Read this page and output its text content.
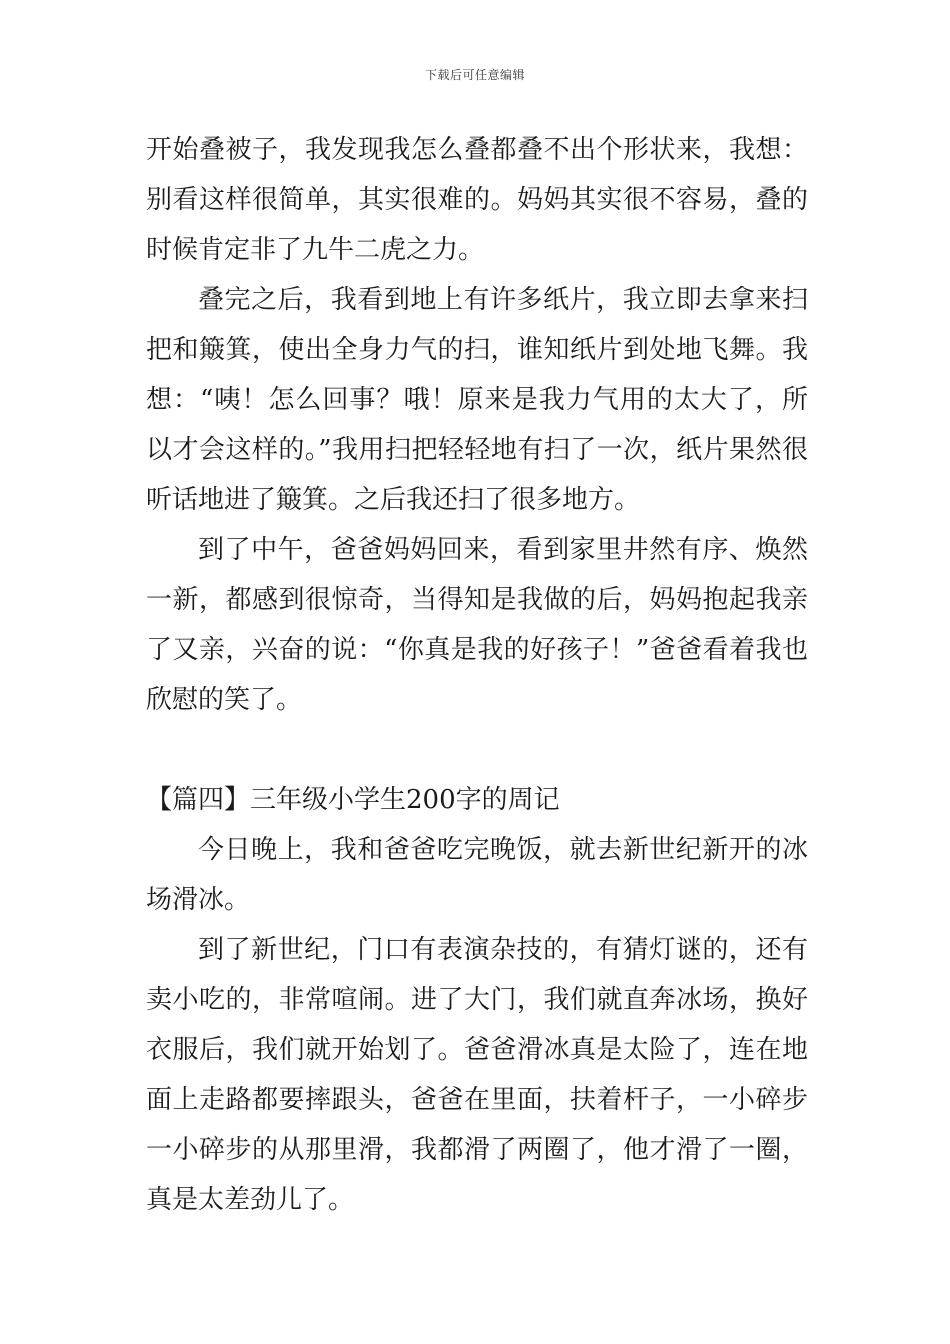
下载后可任意编辑

开始叠被子，我发现我怎么叠都叠不出个形状来，我想：别看这样很简单，其实很难的。妈妈其实很不容易，叠的时候肯定非了九牛二虎之力。

叠完之后，我看到地上有许多纸片，我立即去拿来扫把和簸箕，使出全身力气的扫，谁知纸片到处地飞舞。我想：“咦！怎么回事？哦！原来是我力气用的太大了，所以才会这样的。”我用扫把轻轻地有扫了一次，纸片果然很听话地进了簸箕。之后我还扫了很多地方。

到了中午，爸爸妈妈回来，看到家里井然有序、焕然一新，都感到很惊奇，当得知是我做的后，妈妈抱起我亲了又亲，兴奋的说：“你真是我的好孩子！”爸爸看着我也欣慰的笑了。

【篇四】三年级小学生200字的周记

今日晚上，我和爸爸吃完晚饭，就去新世纪新开的冰场滑冰。

到了新世纪，门口有表演杂技的，有猜灯谜的，还有卖小吃的，非常喧闹。进了大门，我们就直奔冰场，换好衣服后，我们就开始划了。爸爸滑冰真是太险了，连在地面上走路都要摔跟头，爸爸在里面，扶着杆子，一小碎步一小碎步的从那里滑，我都滑了两圈了，他才滑了一圈，真是太差劲儿了。
